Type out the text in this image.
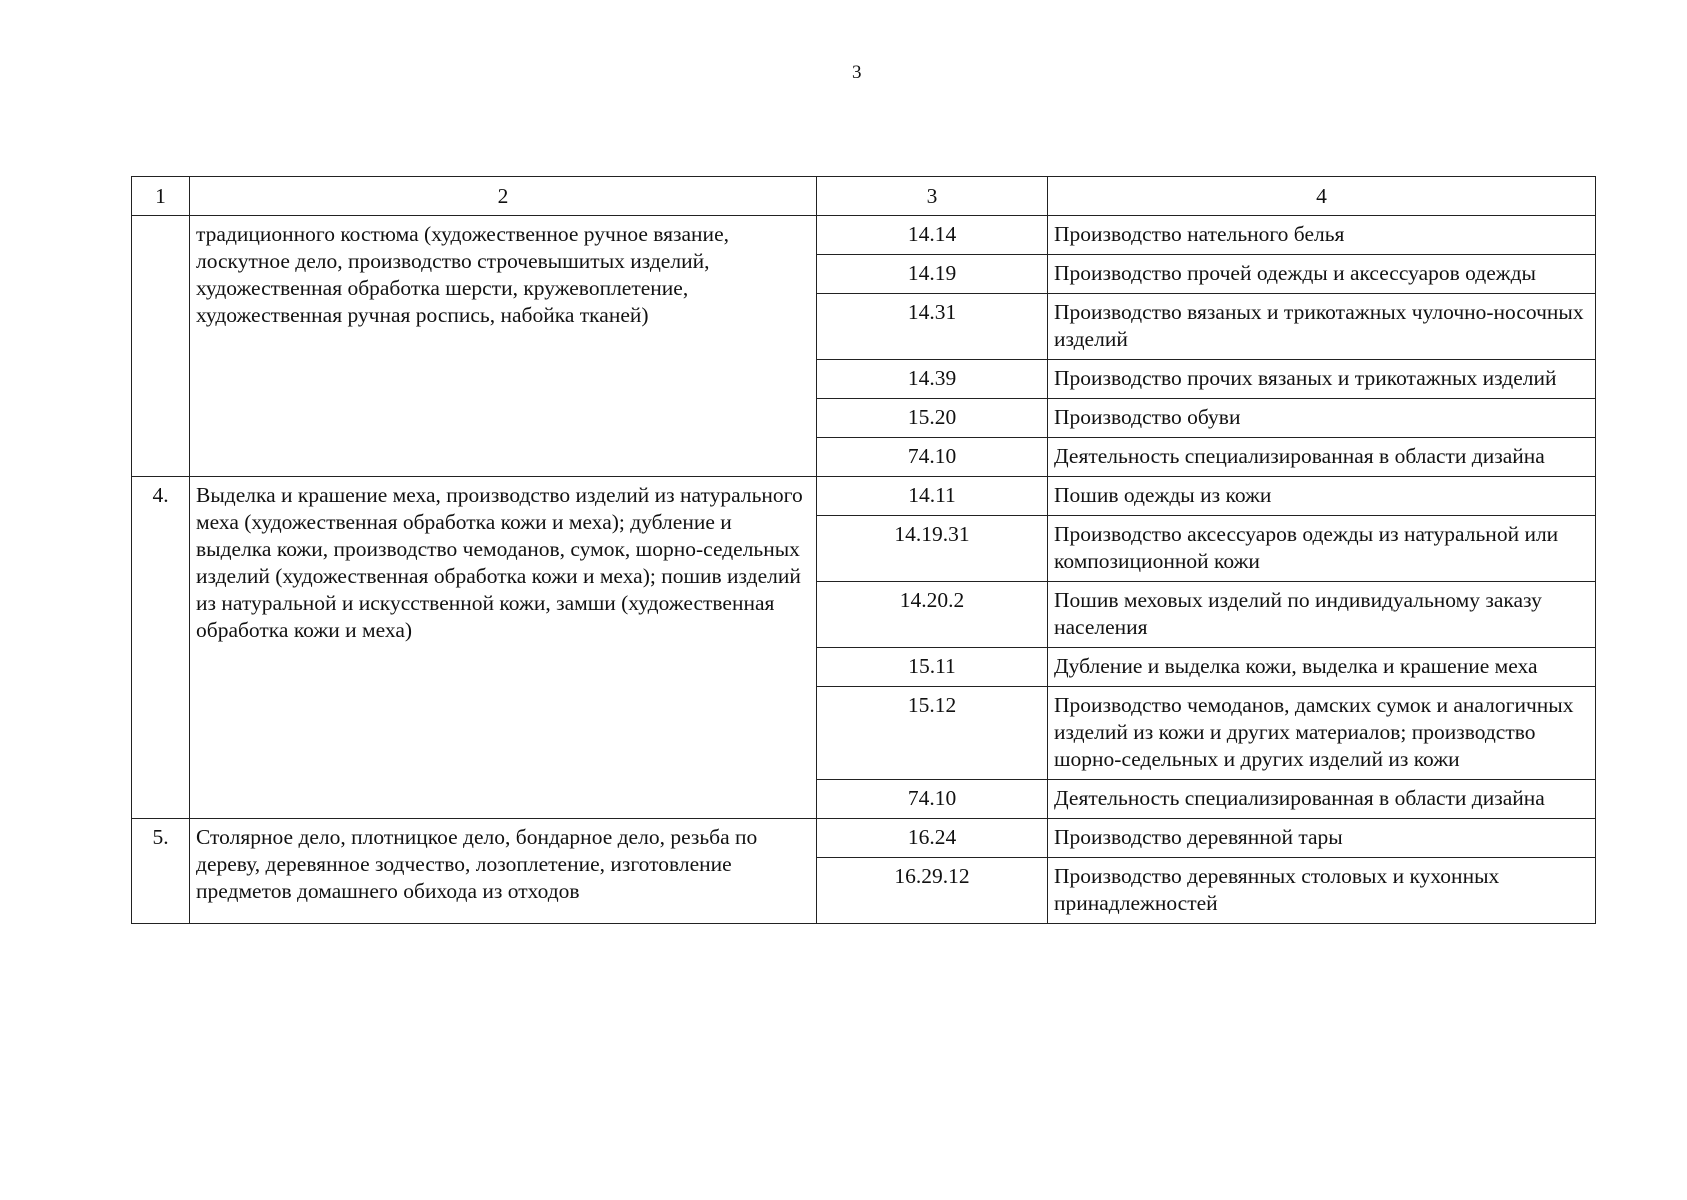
3
1	2	3	4
	традиционного костюма (художественное ручное вязание, лоскутное дело, производство строчевышитых изделий, художественная обработка шерсти, кружевоплетение, художественная ручная роспись, набойка тканей)	14.14	Производство нательного белья
		14.19	Производство прочей одежды и аксессуаров одежды
		14.31	Производство вязаных и трикотажных чулочно-носочных изделий
		14.39	Производство прочих вязаных и трикотажных изделий
		15.20	Производство обуви
		74.10	Деятельность специализированная в области дизайна
4.	Выделка и крашение меха, производство изделий из натурального меха (художественная обработка кожи и меха); дубление и выделка кожи, производство чемоданов, сумок, шорно-седельных изделий (художественная обработка кожи и меха); пошив изделий из натуральной и искусственной кожи, замши (художественная обработка кожи и меха)	14.11	Пошив одежды из кожи
		14.19.31	Производство аксессуаров одежды из натуральной или композиционной кожи
		14.20.2	Пошив меховых изделий по индивидуальному заказу населения
		15.11	Дубление и выделка кожи, выделка и крашение меха
		15.12	Производство чемоданов, дамских сумок и аналогичных изделий из кожи и других материалов; производство шорно-седельных и других изделий из кожи
		74.10	Деятельность специализированная в области дизайна
5.	Столярное дело, плотницкое дело, бондарное дело, резьба по дереву, деревянное зодчество, лозоплетение, изготовление предметов домашнего обихода из отходов	16.24	Производство деревянной тары
		16.29.12	Производство деревянных столовых и кухонных принадлежностей
